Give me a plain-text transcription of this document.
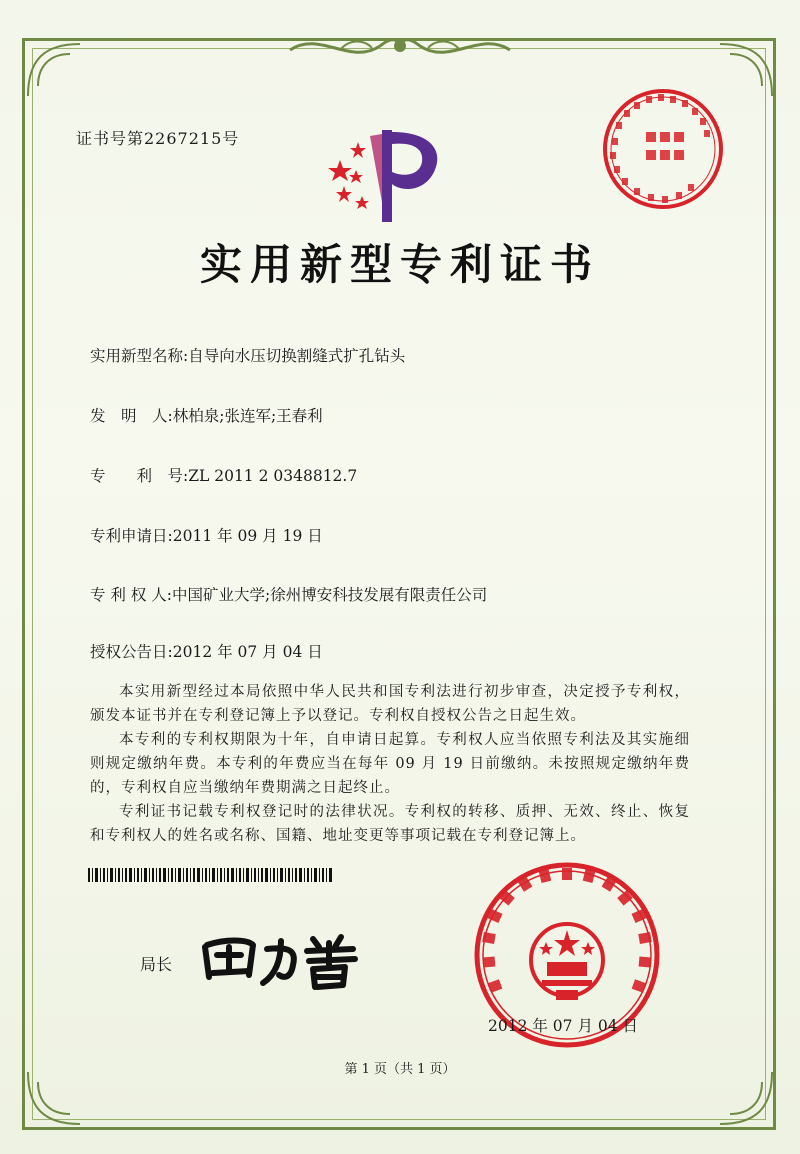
证书号第2267215号
实用新型专利证书
实用新型名称:自导向水压切换割缝式扩孔钻头
发　明　人:林柏泉;张连军;王春利
专　　利　号:ZL 2011 2 0348812.7
专利申请日:2011 年 09 月 19 日
专 利 权 人:中国矿业大学;徐州博安科技发展有限责任公司
授权公告日:2012 年 07 月 04 日

本实用新型经过本局依照中华人民共和国专利法进行初步审查，决定授予专利权，颁发本证书并在专利登记簿上予以登记。专利权自授权公告之日起生效。

本专利的专利权期限为十年，自申请日起算。专利权人应当依照专利法及其实施细则规定缴纳年费。本专利的年费应当在每年 09 月 19 日前缴纳。未按照规定缴纳年费的，专利权自应当缴纳年费期满之日起终止。

专利证书记载专利权登记时的法律状况。专利权的转移、质押、无效、终止、恢复和专利权人的姓名或名称、国籍、地址变更等事项记载在专利登记簿上。

局长
2012 年 07 月 04 日
第 1 页（共 1 页）
